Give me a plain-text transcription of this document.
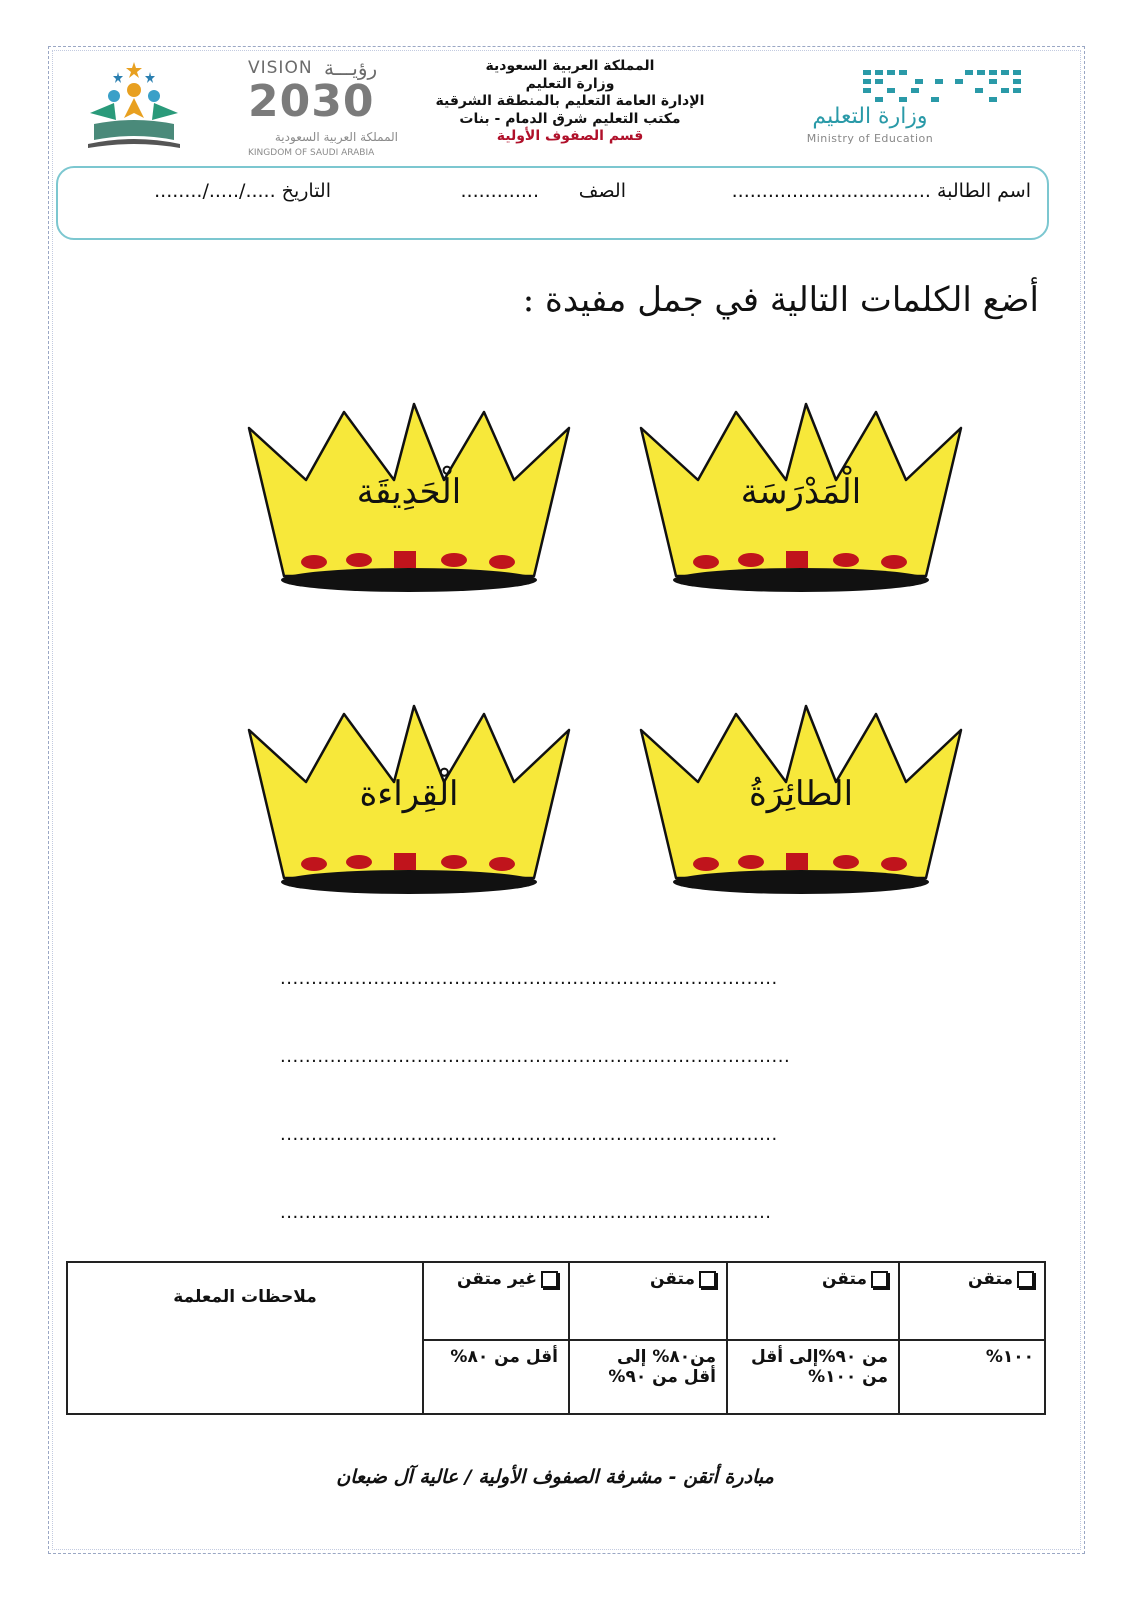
VISION رؤيـــة
2030
المملكة العربية السعودية
KINGDOM OF SAUDI ARABIA
المملكة العربية السعودية
وزارة التعليم
الإدارة العامة التعليم بالمنطقة الشرقية
مكتب التعليم شرق الدمام - بنات
قسم الصفوف الأولية
وزارة التعليم
Ministry of Education
اسم الطالبة .................................
الصف
.............
التاريخ ...../...../........
أضع الكلمات التالية في جمل مفيدة :
الْمَدْرَسَة
الْحَدِيقَة
الطائِرَةُ
الْقِراءة
................................................................................
..................................................................................
................................................................................
...............................................................................
متقن	متقن	متقن	غير متقن	ملاحظات المعلمة
١٠٠%	من ٩٠%إلى أقل من ١٠٠%	من٨٠% إلى أقل من ٩٠%	أقل من ٨٠%	
مبادرة أتقن - مشرفة الصفوف الأولية / عالية آل ضبعان
